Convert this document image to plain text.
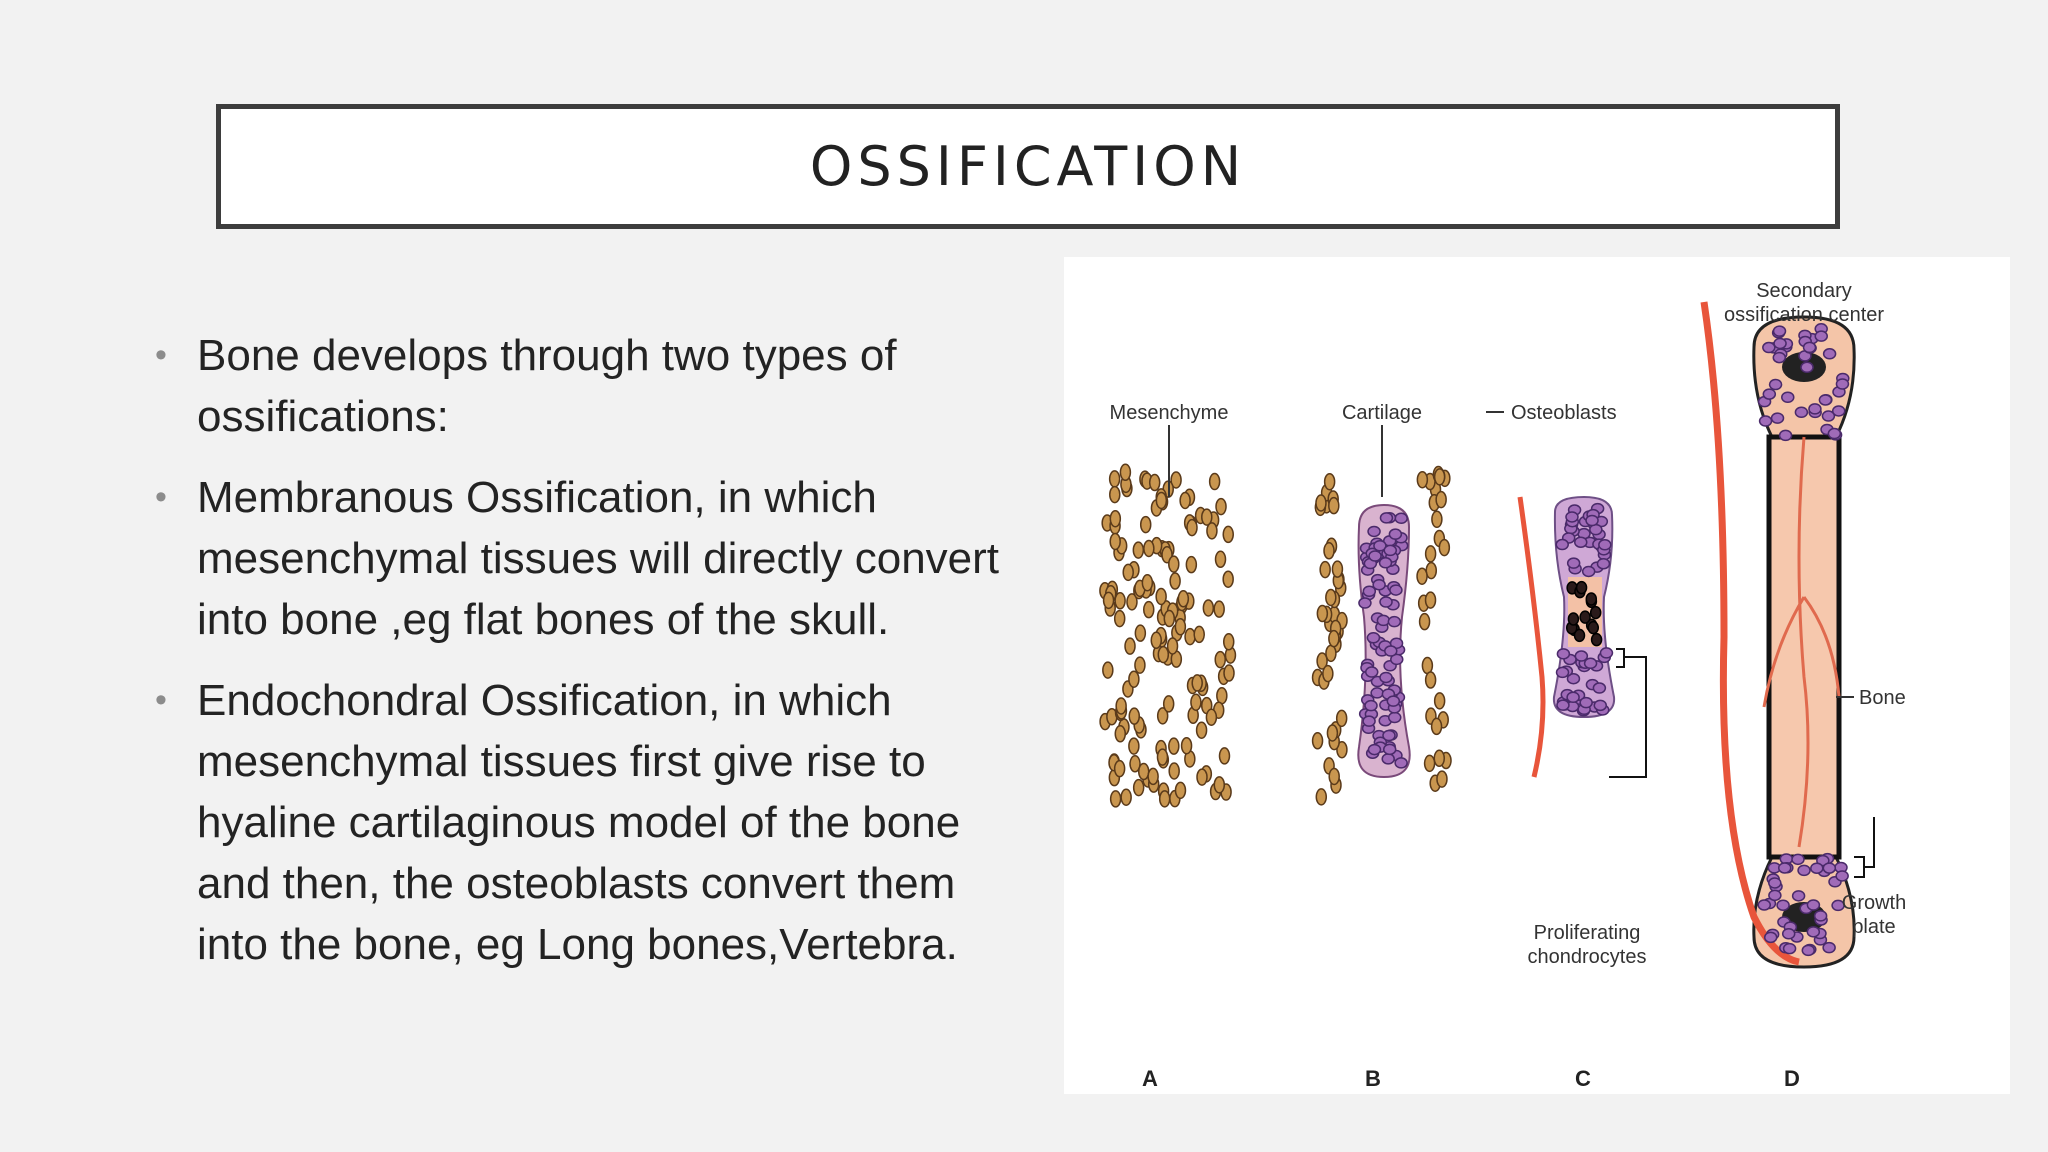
OSSIFICATION
• Bone develops through two types of ossifications:
• Membranous Ossification, in which mesenchymal tissues will directly convert into bone ,eg flat bones of the skull.
• Endochondral Ossification, in which mesenchymal tissues first give rise to hyaline cartilaginous model of the bone and then, the osteoblasts convert them into the bone, eg Long bones,Vertebra.
Mesenchyme	Cartilage	Osteoblasts
Secondary
ossification center
Bone
Growth
plate
Proliferating
chondrocytes
A	B	C	D
